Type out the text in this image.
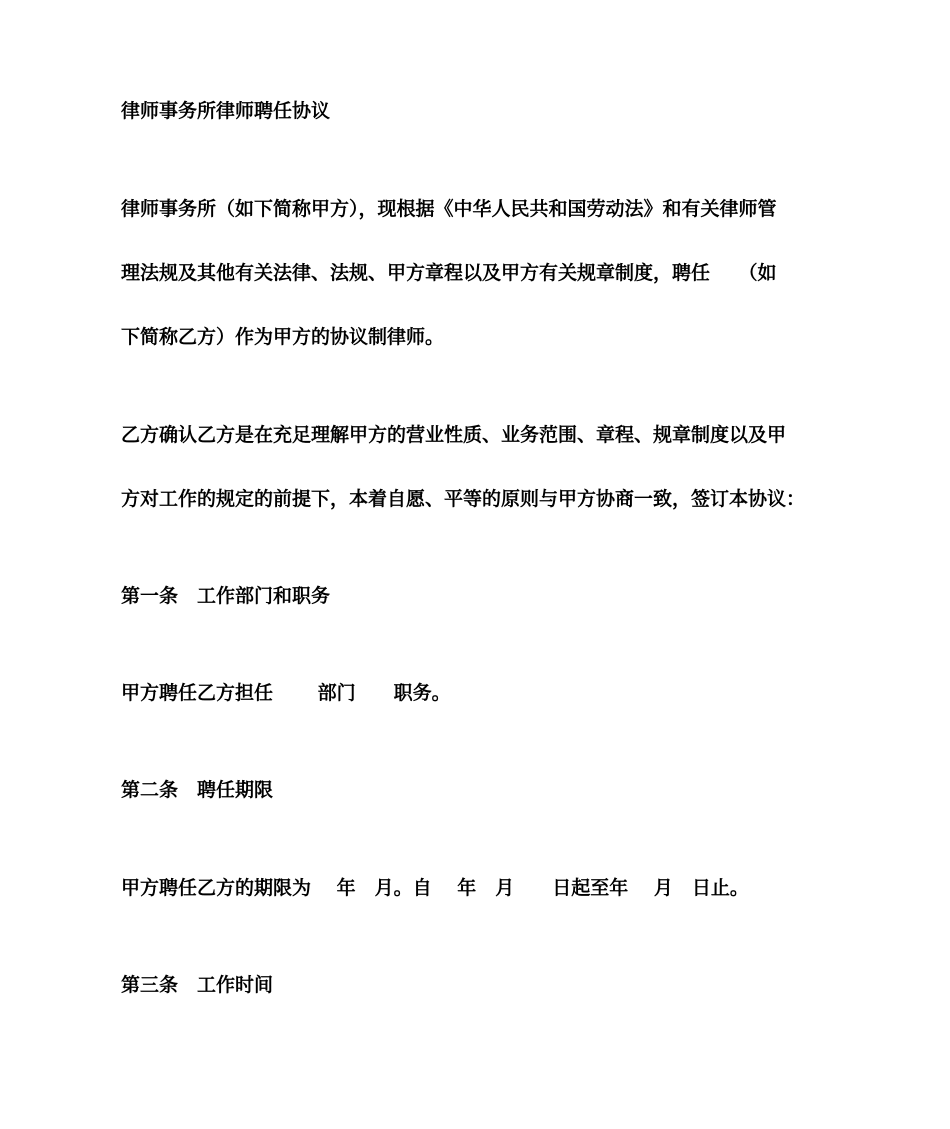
律师事务所律师聘任协议
律师事务所（如下简称甲方），现根据《中华人民共和国劳动法》和有关律师管
理法规及其他有关法律、法规、甲方章程以及甲方有关规章制度，聘任　　（如
下简称乙方）作为甲方的协议制律师。
乙方确认乙方是在充足理解甲方的营业性质、业务范围、章程、规章制度以及甲
方对工作的规定的前提下，本着自愿、平等的原则与甲方协商一致，签订本协议：
第一条　工作部门和职务
甲方聘任乙方担任　　 部门　　职务。
第二条　聘任期限
甲方聘任乙方的期限为　 年　月。自　 年　月　　日起至年　 月　日止。
第三条　工作时间
